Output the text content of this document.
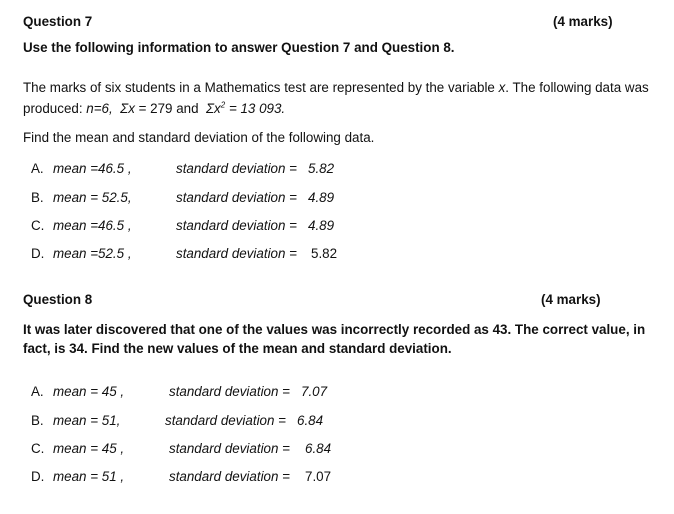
Question 7	(4 marks)
Use the following information to answer Question 7 and Question 8.
The marks of six students in a Mathematics test are represented by the variable x. The following data was produced: n=6, Σx = 279 and  $\Sigma x^2 = 13$ 093.
Find the mean and standard deviation of the following data.
A. mean =46.5 ,	standard deviation = 5.82
B. mean = 52.5,	standard deviation = 4.89
C. mean =46.5 ,	standard deviation = 4.89
D. mean =52.5 ,	standard deviation = 5.82
Question 8	(4 marks)
It was later discovered that one of the values was incorrectly recorded as 43. The correct value, in fact, is 34. Find the new values of the mean and standard deviation.
A. mean = 45 ,	standard deviation = 7.07
B. mean = 51,	standard deviation = 6.84
C. mean = 45 ,	standard deviation = 6.84
D. mean = 51 ,	standard deviation = 7.07
